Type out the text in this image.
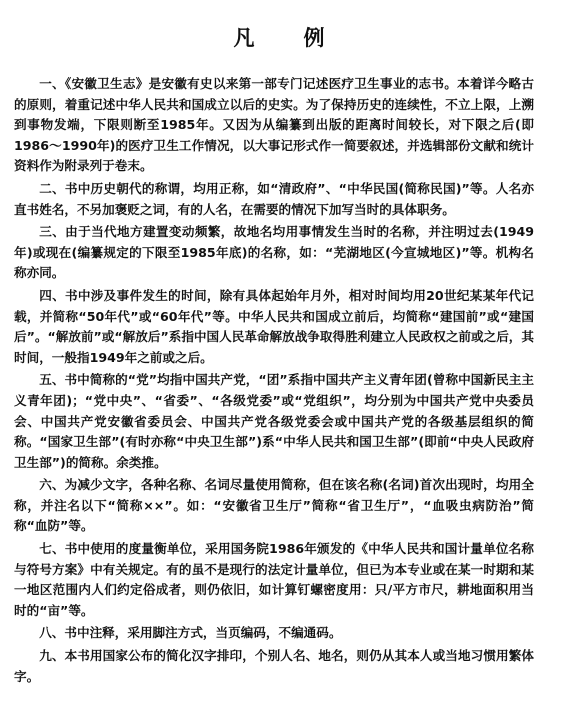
凡　例

一、《安徽卫生志》是安徽有史以来第一部专门记述医疗卫生事业的志书。本着详今略古的原则，着重记述中华人民共和国成立以后的史实。为了保持历史的连续性，不立上限，上溯到事物发端，下限则断至1985年。又因为从编纂到出版的距离时间较长，对下限之后(即1986～1990年)的医疗卫生工作情况，以大事记形式作一简要叙述，并选辑部份文献和统计资料作为附录列于卷末。

二、书中历史朝代的称谓，均用正称，如“清政府”、“中华民国(简称民国)”等。人名亦直书姓名，不另加褒贬之词，有的人名，在需要的情况下加写当时的具体职务。

三、由于当代地方建置变动频繁，故地名均用事情发生当时的名称，并注明过去(1949年)或现在(编纂规定的下限至1985年底)的名称，如：“芜湖地区(今宣城地区)”等。机构名称亦同。

四、书中涉及事件发生的时间，除有具体起始年月外，相对时间均用20世纪某某年代记载，并简称“50年代”或“60年代”等。中华人民共和国成立前后，均简称“建国前”或“建国后”。“解放前”或“解放后”系指中国人民革命解放战争取得胜利建立人民政权之前或之后，其时间，一般指1949年之前或之后。

五、书中简称的“党”均指中国共产党，“团”系指中国共产主义青年团(曾称中国新民主主义青年团)；“党中央”、“省委”、“各级党委”或“党组织”，均分别为中国共产党中央委员会、中国共产党安徽省委员会、中国共产党各级党委会或中国共产党的各级基层组织的简称。“国家卫生部”(有时亦称“中央卫生部”)系“中华人民共和国卫生部”(即前“中央人民政府卫生部”)的简称。余类推。

六、为减少文字，各种名称、名词尽量使用简称，但在该名称(名词)首次出现时，均用全称，并注名以下“简称××”。如：“安徽省卫生厅”简称“省卫生厅”，“血吸虫病防治”简称“血防”等。

七、书中使用的度量衡单位，采用国务院1986年颁发的《中华人民共和国计量单位名称与符号方案》中有关规定。有的虽不是现行的法定计量单位，但已为本专业或在某一时期和某一地区范围内人们约定俗成者，则仍依旧，如计算钉螺密度用：只/平方市尺，耕地面积用当时的“亩”等。

八、书中注释，采用脚注方式，当页编码，不编通码。

九、本书用国家公布的简化汉字排印，个别人名、地名，则仍从其本人或当地习惯用繁体字。
